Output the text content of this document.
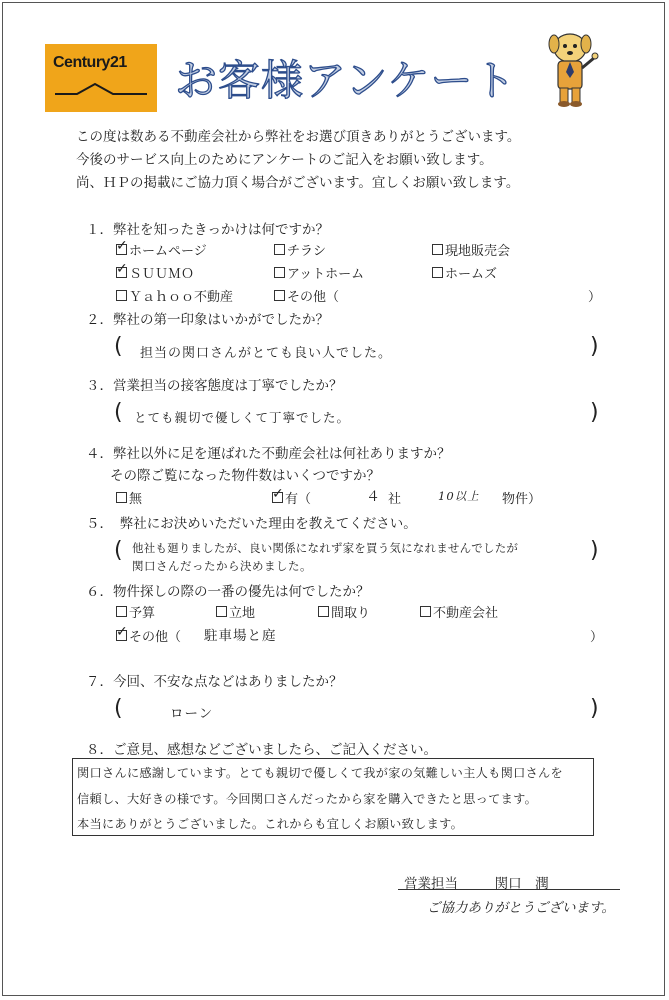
Century21 お客様アンケート
この度は数ある不動産会社から弊社をお選び頂きありがとうございます。
今後のサービス向上のためにアンケートのご記入をお願い致します。
尚、ＨＰの掲載にご協力頂く場合がございます。宜しくお願い致します。
１．弊社を知ったきっかけは何ですか？
✓ホームページ	チラシ	現地販売会
✓ＳＵＵＭＯ	アットホーム	ホームズ
Ｙａｈｏｏ不動産	その他（	）
２．弊社の第一印象はいかがでしたか？
( 担当の関口さんがとても良い人でした。	)
３．営業担当の接客態度は丁寧でしたか？
( とても親切で優しくて丁寧でした。	)
４．弊社以外に足を運ばれた不動産会社は何社ありますか？
その際ご覧になった物件数はいくつですか？
無
✓	有（	４ 社	10以上 物件）
５．　弊社にお決めいただいた理由を教えてください。
( 他社も廻りましたが、良い関係になれず家を買う気になれませんでしたが
関口さんだったから決めました。
)
６．物件探しの際の一番の優先は何でしたか？
予算	立地	間取り	不動産会社
✓その他（ 駐車場と庭	）
７．今回、不安な点などはありましたか？
(	ローン	)
８．ご意見、感想などございましたら、ご記入ください。
関口さんに感謝しています。とても親切で優しくて我が家の気難しい主人も関口さんを
信頼し、大好きの様です。今回関口さんだったから家を購入できたと思ってます。
本当にありがとうございました。これからも宜しくお願い致します。
営業担当	関口　潤
ご協力ありがとうございます。
